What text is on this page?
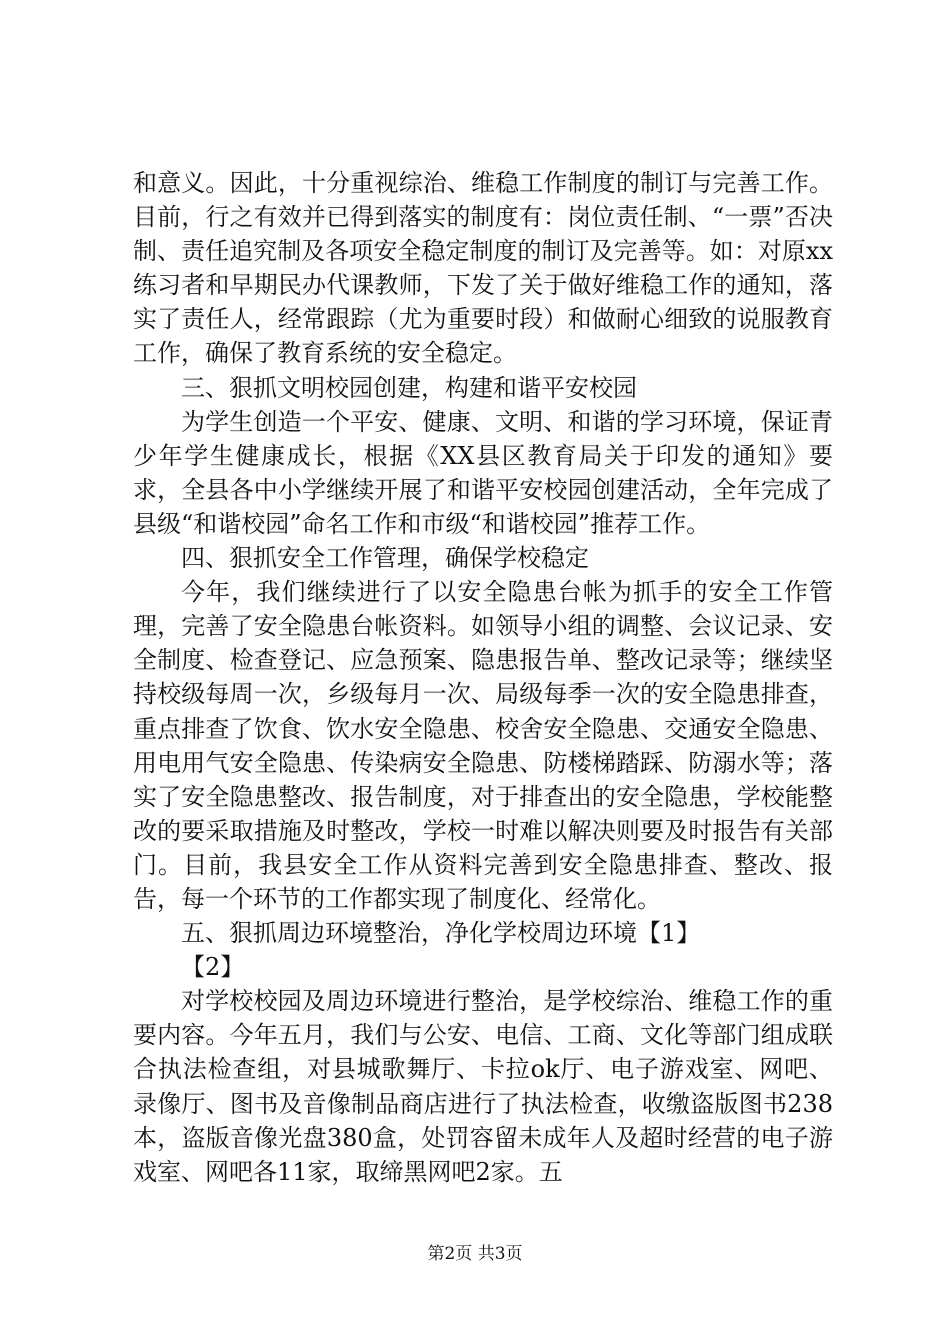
和意义。因此，十分重视综治、维稳工作制度的制订与完善工作。目前，行之有效并已得到落实的制度有：岗位责任制、“一票”否决制、责任追究制及各项安全稳定制度的制订及完善等。如：对原xx练习者和早期民办代课教师，下发了关于做好维稳工作的通知，落实了责任人，经常跟踪（尤为重要时段）和做耐心细致的说服教育工作，确保了教育系统的安全稳定。

三、狠抓文明校园创建，构建和谐平安校园

为学生创造一个平安、健康、文明、和谐的学习环境，保证青少年学生健康成长，根据《XX县区教育局关于印发的通知》要求，全县各中小学继续开展了和谐平安校园创建活动，全年完成了县级“和谐校园”命名工作和市级“和谐校园”推荐工作。

四、狠抓安全工作管理，确保学校稳定

今年，我们继续进行了以安全隐患台帐为抓手的安全工作管理，完善了安全隐患台帐资料。如领导小组的调整、会议记录、安全制度、检查登记、应急预案、隐患报告单、整改记录等；继续坚持校级每周一次，乡级每月一次、局级每季一次的安全隐患排查，重点排查了饮食、饮水安全隐患、校舍安全隐患、交通安全隐患、用电用气安全隐患、传染病安全隐患、防楼梯踏踩、防溺水等；落实了安全隐患整改、报告制度，对于排查出的安全隐患，学校能整改的要采取措施及时整改，学校一时难以解决则要及时报告有关部门。目前，我县安全工作从资料完善到安全隐患排查、整改、报告，每一个环节的工作都实现了制度化、经常化。

五、狠抓周边环境整治，净化学校周边环境【1】

【2】

对学校校园及周边环境进行整治，是学校综治、维稳工作的重要内容。今年五月，我们与公安、电信、工商、文化等部门组成联合执法检查组，对县城歌舞厅、卡拉ok厅、电子游戏室、网吧、录像厅、图书及音像制品商店进行了执法检查，收缴盗版图书238本，盗版音像光盘380盒，处罚容留未成年人及超时经营的电子游戏室、网吧各11家，取缔黑网吧2家。五

第2页 共3页
